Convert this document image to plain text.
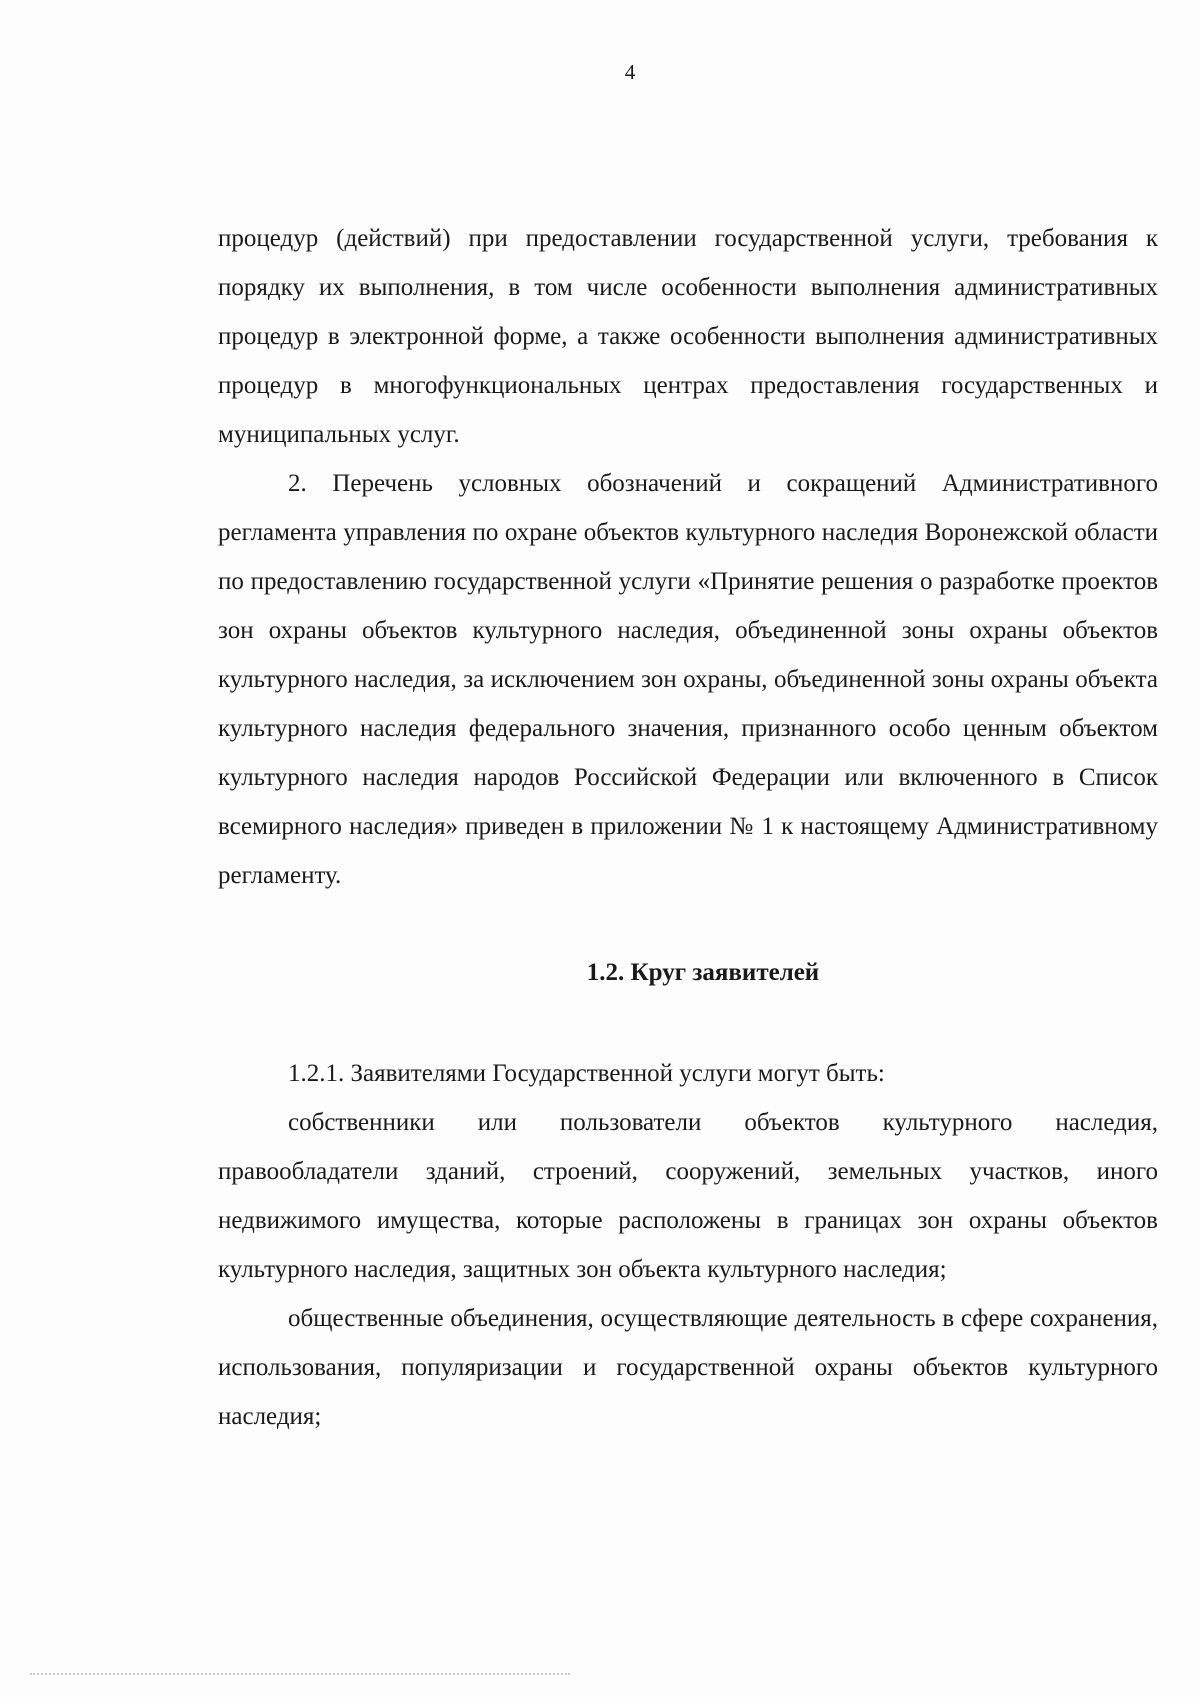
4

процедур (действий) при предоставлении государственной услуги, требования к порядку их выполнения, в том числе особенности выполнения административных процедур в электронной форме, а также особенности выполнения административных процедур в многофункциональных центрах предоставления государственных и муниципальных услуг.

2. Перечень условных обозначений и сокращений Административного регламента управления по охране объектов культурного наследия Воронежской области по предоставлению государственной услуги «Принятие решения о разработке проектов зон охраны объектов культурного наследия, объединенной зоны охраны объектов культурного наследия, за исключением зон охраны, объединенной зоны охраны объекта культурного наследия федерального значения, признанного особо ценным объектом культурного наследия народов Российской Федерации или включенного в Список всемирного наследия» приведен в приложении № 1 к настоящему Административному регламенту.

1.2. Круг заявителей

1.2.1. Заявителями Государственной услуги могут быть:

собственники или пользователи объектов культурного наследия, правообладатели зданий, строений, сооружений, земельных участков, иного недвижимого имущества, которые расположены в границах зон охраны объектов культурного наследия, защитных зон объекта культурного наследия;

общественные объединения, осуществляющие деятельность в сфере сохранения, использования, популяризации и государственной охраны объектов культурного наследия;
